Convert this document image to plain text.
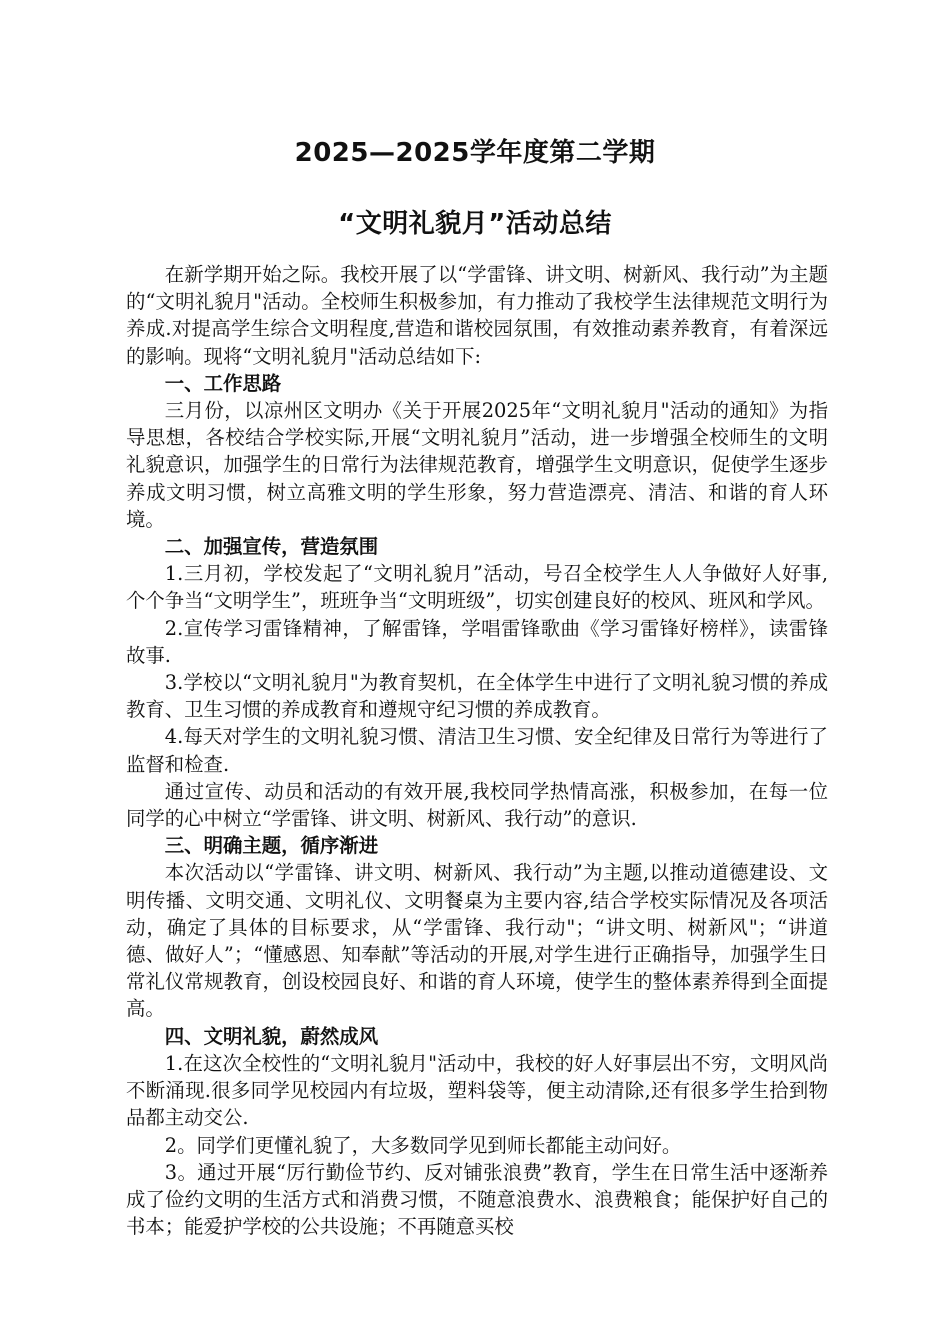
2025—2025学年度第二学期
“文明礼貌月”活动总结

在新学期开始之际。我校开展了以“学雷锋、讲文明、树新风、我行动”为主题的“文明礼貌月"活动。全校师生积极参加，有力推动了我校学生法律规范文明行为养成.对提高学生综合文明程度,营造和谐校园氛围，有效推动素养教育，有着深远的影响。现将“文明礼貌月"活动总结如下:

一、工作思路

三月份，以凉州区文明办《关于开展2025年“文明礼貌月"活动的通知》为指导思想，各校结合学校实际,开展“文明礼貌月”活动，进一步增强全校师生的文明礼貌意识，加强学生的日常行为法律规范教育，增强学生文明意识，促使学生逐步养成文明习惯，树立高雅文明的学生形象，努力营造漂亮、清洁、和谐的育人环境。

二、加强宣传，营造氛围

1.三月初，学校发起了“文明礼貌月”活动，号召全校学生人人争做好人好事,个个争当“文明学生”，班班争当“文明班级”，切实创建良好的校风、班风和学风。

2.宣传学习雷锋精神，了解雷锋，学唱雷锋歌曲《学习雷锋好榜样》，读雷锋故事.

3.学校以“文明礼貌月"为教育契机，在全体学生中进行了文明礼貌习惯的养成教育、卫生习惯的养成教育和遵规守纪习惯的养成教育。

4.每天对学生的文明礼貌习惯、清洁卫生习惯、安全纪律及日常行为等进行了监督和检查.

通过宣传、动员和活动的有效开展,我校同学热情高涨，积极参加，在每一位同学的心中树立“学雷锋、讲文明、树新风、我行动”的意识.

三、明确主题，循序渐进

本次活动以“学雷锋、讲文明、树新风、我行动”为主题,以推动道德建设、文明传播、文明交通、文明礼仪、文明餐桌为主要内容,结合学校实际情况及各项活动，确定了具体的目标要求，从“学雷锋、我行动"；“讲文明、树新风"；“讲道德、做好人”；“懂感恩、知奉献”等活动的开展,对学生进行正确指导，加强学生日常礼仪常规教育，创设校园良好、和谐的育人环境，使学生的整体素养得到全面提高。

四、文明礼貌，蔚然成风

1.在这次全校性的“文明礼貌月"活动中，我校的好人好事层出不穷，文明风尚不断涌现.很多同学见校园内有垃圾，塑料袋等，便主动清除,还有很多学生拾到物品都主动交公.

2。同学们更懂礼貌了，大多数同学见到师长都能主动问好。

3。通过开展“厉行勤俭节约、反对铺张浪费”教育，学生在日常生活中逐渐养成了俭约文明的生活方式和消费习惯，不随意浪费水、浪费粮食；能保护好自己的书本；能爱护学校的公共设施；不再随意买校
